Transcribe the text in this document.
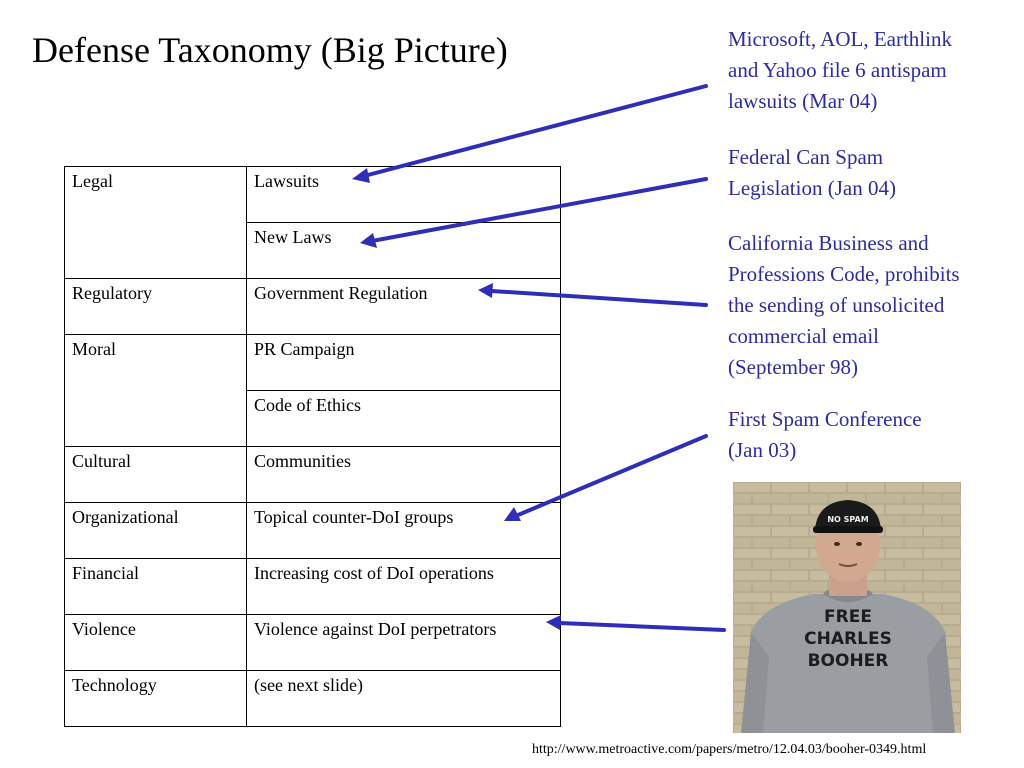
Defense Taxonomy (Big Picture)
Legal	Lawsuits
	New Laws
Regulatory	Government Regulation
Moral	PR Campaign
	Code of Ethics
Cultural	Communities
Organizational	Topical counter-DoI groups
Financial	Increasing cost of DoI operations
Violence	Violence against DoI perpetrators
Technology	(see next slide)
Microsoft, AOL, Earthlink
and Yahoo file 6 antispam
lawsuits (Mar 04)
Federal Can Spam
Legislation (Jan 04)
California Business and
Professions Code, prohibits
the sending of unsolicited
commercial email
(September 98)
First Spam Conference
(Jan 03)
NO SPAM
FREE
CHARLES
BOOHER
http://www.metroactive.com/papers/metro/12.04.03/booher-0349.html
